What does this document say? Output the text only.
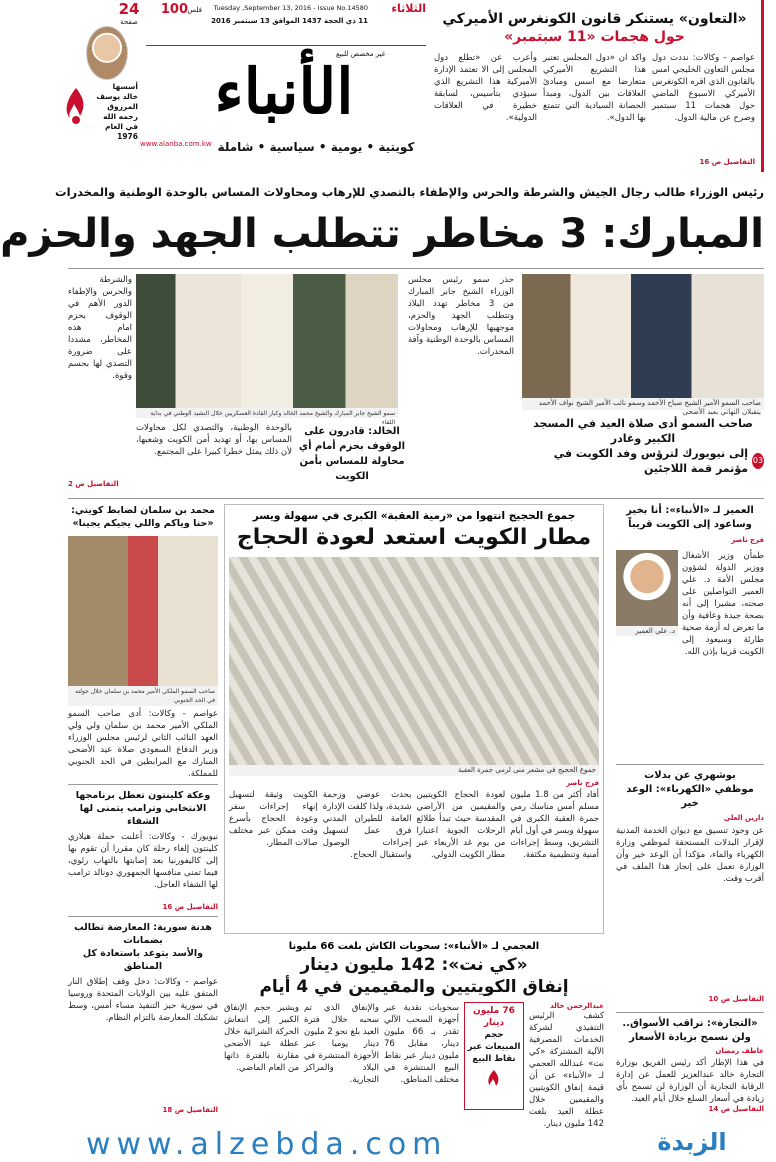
الثلاثاء
Tuesday ,September 13, 2016 - Issue No.14580
11 ذي الحجة 1437 الموافق 13 سبتمبر 2016
100 فلس
24
صفحة
أسسها
خالد يوسف
المرزوق
رحمه الله
في العام
1976
الأنباء
غير مخصص للبيع
كويتية • يومية • سياسية • شاملة
www.alanba.com.kw
«التعاون» يستنكر قانون الكونغرس الأميركي
حول هجمات «11 سبتمبر»
عواصم - وكالات: نددت دول مجلس التعاون الخليجي امس بالقانون الذي اقره الكونغرس الأميركي الاسبوع الماضي حول هجمات 11 سبتمبر وصرح عن مالية الدول.
واكد ان «دول المجلس تعتبر هذا التشريع الأميركي متعارضا مع اسس ومبادئ العلاقات بين الدول، ومبدأ الحصانة السيادية التي تتمتع بها الدول».
وأعرب عن «تطلع دول المجلس إلى الا تعتمد الإدارة الأميركية هذا التشريع الذي سيؤدي بتأسيس، لسابقة خطيرة في العلاقات الدولية».
التفاصيل ص 16
رئيس الوزراء طالب رجال الجيش والشرطة والحرس والإطفاء بالتصدي للإرهاب ومحاولات المساس بالوحدة الوطنية والمخدرات
المبارك: 3 مخاطر تتطلب الجهد والحزم
صاحب السمو الأمير الشيخ صباح الأحمد وسمو نائب الأمير الشيخ نواف الأحمد يتقبلان التهاني بعيد الأضحى
صاحب السمو أدى صلاة العيد في المسجد الكبير وغادر
03
إلى نيويورك لترؤس وفد الكويت في مؤتمر قمة اللاجئين
سمو الشيخ جابر المبارك والشيخ محمد الخالد وكبار القادة العسكريين خلال النشيد الوطني في بداية اللقاء
حذر سمو رئيس مجلس الوزراء الشيخ جابر المبارك من 3 مخاطر تهدد البلاد وتتطلب الجهد والحزم، موجهيها للإرهاب ومحاولات المساس بالوحدة الوطنية وآفة المخدرات.
الخالد: قادرون على الوقوف بحزم أمام أي محاولة للمساس بأمن الكويت
والشرطة والحرس والإطفاء الدور الأهم في الوقوف بحزم امام هذه المخاطر، مشددا على ضرورة التصدي لها بحسم وقوة.
بالوحدة الوطنية، والتصدي لكل محاولات المساس بها، أو تهديد أمن الكويت وشعبها، لأن ذلك يمثل خطرا كبيرا على المجتمع.
التفاصيل ص 2
العمير لـ «الأنباء»: أنا بخير
وساعود إلى الكويت قريباً
فرج ناصر
د. علي العمير
طمأن وزير الأشغال ووزير الدولة لشؤون مجلس الأمة د. علي العمير التواصلين على صحته، مشيرا إلى أنه بصحة جيدة وعافية وأن ما تعرض له أزمة صحية طارئة وسيعود إلى الكويت قريبا بإذن الله.
جموع الحجيج انتهوا من «رمية العقبة» الكبرى في سهولة ويسر
مطار الكويت استعد لعودة الحجاج
جموع الحجيج في مشعر منى لرمي جمرة العقبة
فرج ناصر
أفاد أكثر من 1.8 مليون مسلم أمس مناسك رمي جمرة العقبة الكبرى في سهولة ويسر في أول أيام التشريق، وسط إجراءات أمنية وتنظيمية مكثفة.
لعودة الحجاج الكويتيين والمقيمين من الأراضي المقدسة حيث تبدأ طلائع الرحلات الجوية اعتبارا من يوم غد الأربعاء عبر مطار الكويت الدولي.
يحدث عوضي وزحمة شديدة، ولذا كلفت الإدارة العامة للطيران المدني فرق عمل لتسهيل إجراءات الوصول واستقبال الحجاج.
الكويت وثيقة لتسهيل إنهاء إجراءات سفر وعودة الحجاج بأسرع وقت ممكن عبر مختلف صالات المطار.
محمد بن سلمان لضابط كويتي:
«حنا وياكم واللي يجيكم يجينا»
صاحب السمو الملكي الأمير محمد بن سلمان خلال جولته في الحد الجنوبي
عواصم - وكالات: أدى صاحب السمو الملكي الأمير محمد بن سلمان ولي ولي العهد النائب الثاني لرئيس مجلس الوزراء وزير الدفاع السعودي صلاة عيد الأضحى المبارك مع المرابطين في الحد الجنوبي للمملكة.	بوشهري عن بدلات
موظفي «الكهرباء»: الوعد خير
دارين العلي
عن وجود تنسيق مع ديوان الخدمة المدنية لإقرار البدلات المستحقة لموظفي وزارة الكهرباء والماء، مؤكدا أن الوعد خير وأن الوزارة تعمل على إنجاز هذا الملف في أقرب وقت.
التفاصيل ص 10
وعكة كلينتون تعطل برنامجها
الانتخابي وترامب يتمنى لها الشفاء
نيويورك - وكالات: أعلنت حملة هيلاري كلينتون إلغاء رحلة كان مقررا أن تقوم بها إلى كاليفورنيا بعد إصابتها بالتهاب رئوي، فيما تمنى منافسها الجمهوري دونالد ترامب لها الشفاء العاجل.
التفاصيل ص 16
هدنة سورية: المعارضة تطالب بضمانات
والأسد يتوعد باستعادة كل المناطق
عواصم - وكالات: دخل وقف إطلاق النار المتفق عليه بين الولايات المتحدة وروسيا في سورية حيز التنفيذ مساء أمس، وسط تشكيك المعارضة بالتزام النظام.
التفاصيل ص 18
العجمي لـ «الأنباء»: سحوبات الكاش بلغت 66 مليونا
«كي نت»: 142 مليون دينار
إنفاق الكويتيين والمقيمين في 4 أيام
عبدالرحمن خالد
كشف الرئيس التنفيذي لشركة الخدمات المصرفية الآلية المشتركة «كي نت» عبدالله العجمي لـ «الأنباء» عن أن قيمة إنفاق الكويتيين والمقيمين خلال عطلة العيد بلغت 142 مليون دينار.
76 مليون دينار
حجم المبيعات عبر نقاط البيع
سحوبات نقدية عبر أجهزة السحب الآلي تقدر بـ 66 مليون دينار، مقابل 76 مليون دينار عبر نقاط البيع المنتشرة في مختلف المناطق.
والإنفاق الذي تم سحبه خلال فترة العيد بلغ نحو 2 مليون دينار يوميا عبر الأجهزة المنتشرة في البلاد والمراكز التجارية.
ويشير حجم الإنفاق الكبير إلى انتعاش الحركة الشرائية خلال عطلة عيد الأضحى مقارنة بالفترة ذاتها من العام الماضي.
«التجارة»: نراقب الأسواق..
ولن نسمح بزيادة الأسعار
عاطف رمضان
في هذا الإطار أكد رئيس الفريق بوزارة التجارة خالد عبدالعزيز للعمل عن إدارة الرقابة التجارية أن الوزارة لن تسمح بأي زيادة في أسعار السلع خلال أيام العيد.
التفاصيل ص 14
www.alzebda.com	الزبدة
